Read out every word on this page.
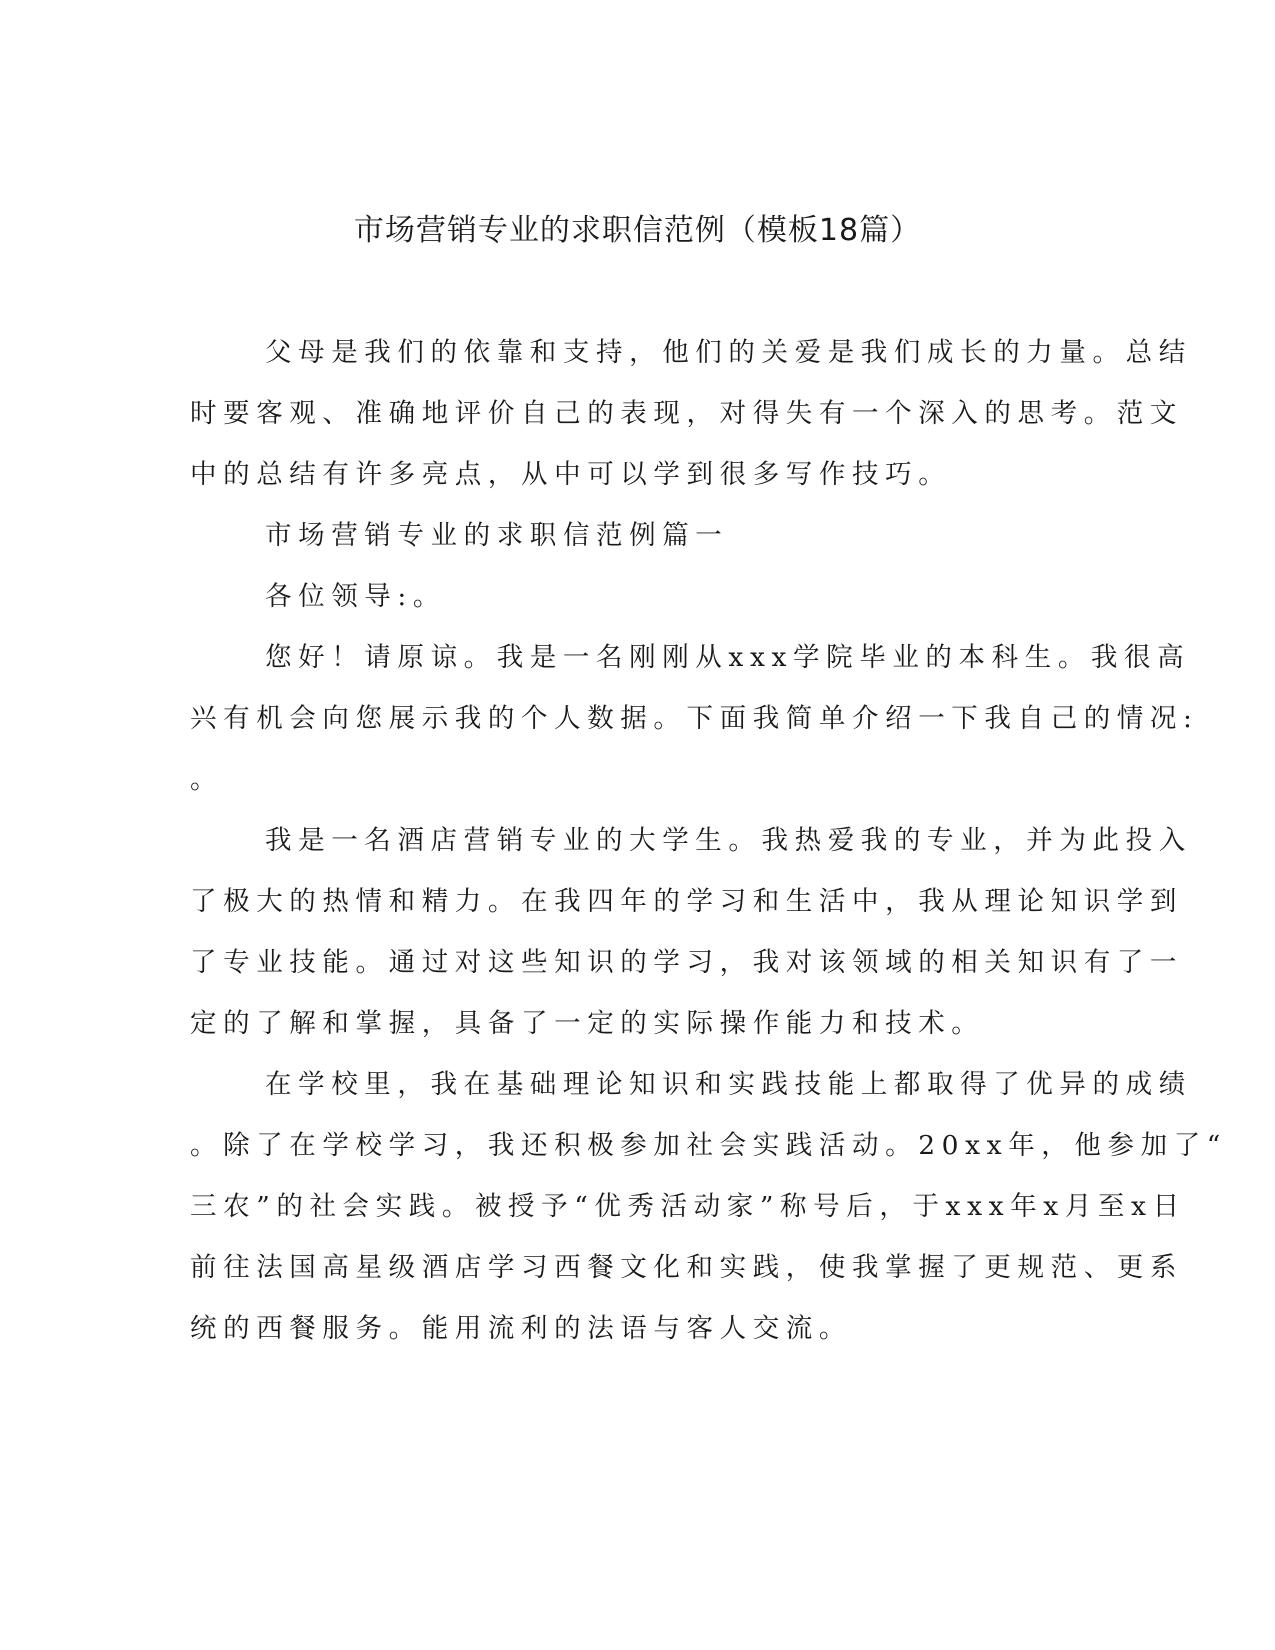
市场营销专业的求职信范例（模板18篇）

父母是我们的依靠和支持，他们的关爱是我们成长的力量。总结
时要客观、准确地评价自己的表现，对得失有一个深入的思考。范文
中的总结有许多亮点，从中可以学到很多写作技巧。

市场营销专业的求职信范例篇一

各位领导:。

您好！请原谅。我是一名刚刚从xxx学院毕业的本科生。我很高
兴有机会向您展示我的个人数据。下面我简单介绍一下我自己的情况:
。

我是一名酒店营销专业的大学生。我热爱我的专业，并为此投入
了极大的热情和精力。在我四年的学习和生活中，我从理论知识学到
了专业技能。通过对这些知识的学习，我对该领域的相关知识有了一
定的了解和掌握，具备了一定的实际操作能力和技术。

在学校里，我在基础理论知识和实践技能上都取得了优异的成绩
。除了在学校学习，我还积极参加社会实践活动。20xx年，他参加了“
三农”的社会实践。被授予“优秀活动家”称号后，于xxx年x月至x日
前往法国高星级酒店学习西餐文化和实践，使我掌握了更规范、更系
统的西餐服务。能用流利的法语与客人交流。
